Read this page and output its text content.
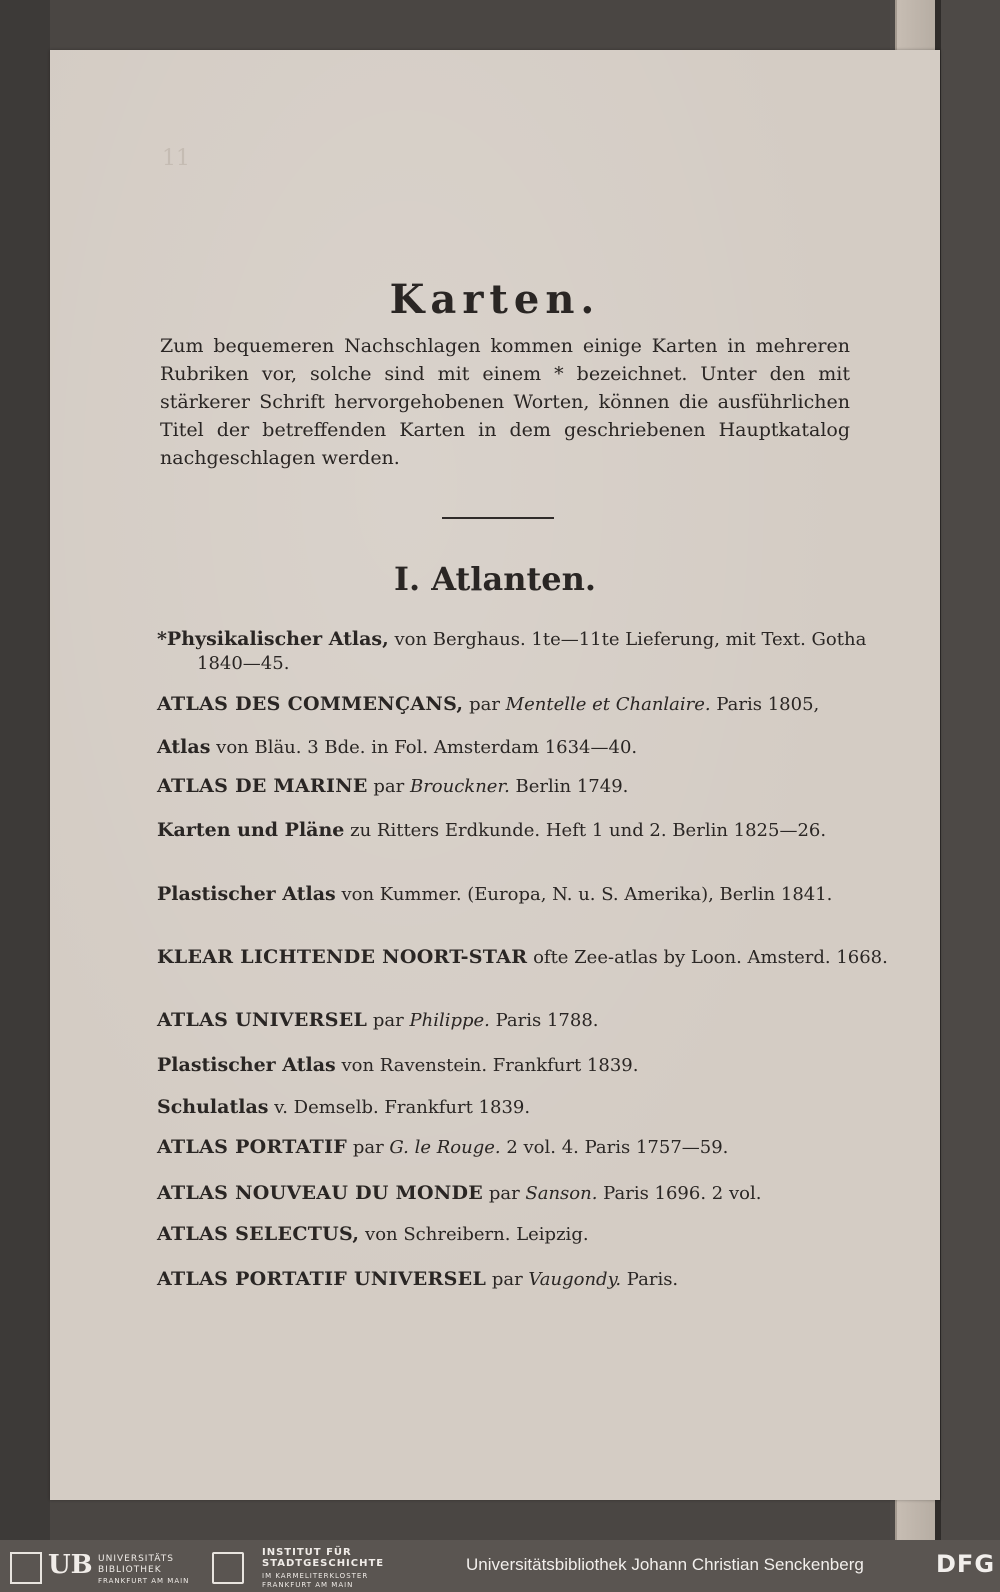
11
Karten.
Zum bequemeren Nachschlagen kommen einige Karten in mehreren Rubriken vor, solche sind mit einem * bezeichnet. Unter den mit stärkerer Schrift hervorgehobenen Worten, können die ausführlichen Titel der betreffenden Karten in dem geschriebenen Hauptkatalog nachgeschlagen werden.
I. Atlanten.
*Physikalischer Atlas, von Berghaus. 1te—11te Lieferung, mit Text. Gotha 1840—45.
ATLAS DES COMMENÇANS, par Mentelle et Chanlaire. Paris 1805,
Atlas von Bläu. 3 Bde. in Fol. Amsterdam 1634—40.
ATLAS DE MARINE par Brouckner. Berlin 1749.
Karten und Pläne zu Ritters Erdkunde. Heft 1 und 2. Berlin 1825—26.
Plastischer Atlas von Kummer. (Europa, N. u. S. Amerika), Berlin 1841.
KLEAR LICHTENDE NOORT-STAR ofte Zee-atlas by Loon. Amsterd. 1668.
ATLAS UNIVERSEL par Philippe. Paris 1788.
Plastischer Atlas von Ravenstein. Frankfurt 1839.
Schulatlas v. Demselb. Frankfurt 1839.
ATLAS PORTATIF par G. le Rouge. 2 vol. 4. Paris 1757—59.
ATLAS NOUVEAU DU MONDE par Sanson. Paris 1696. 2 vol.
ATLAS SELECTUS, von Schreibern. Leipzig.
ATLAS PORTATIF UNIVERSEL par Vaugondy. Paris.
UB UNIVERSITÄTS
BIBLIOTHEK
FRANKFURT AM MAIN
INSTITUT FÜR
STADTGESCHICHTE
IM KARMELITERKLOSTER
FRANKFURT AM MAIN
Universitätsbibliothek Johann Christian Senckenberg	DFG
